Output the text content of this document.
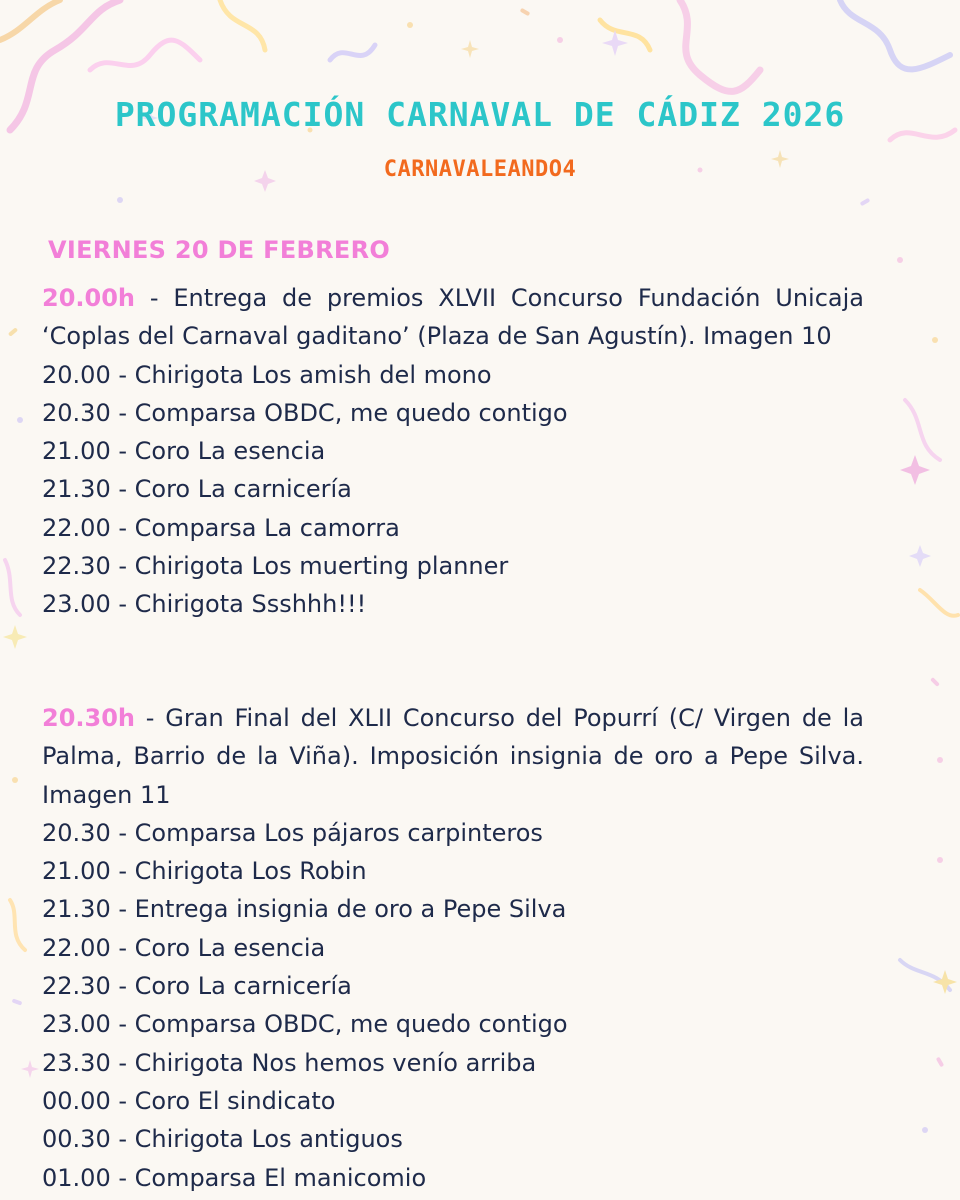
PROGRAMACIÓN CARNAVAL DE CÁDIZ 2026
CARNAVALEANDO4
VIERNES 20 DE FEBRERO

20.00h - Entrega de premios XLVII Concurso Fundación Unicaja ‘Coplas del Carnaval gaditano’ (Plaza de San Agustín). Imagen 10

20.00 - Chirigota Los amish del mono
20.30 - Comparsa OBDC, me quedo contigo
21.00 - Coro La esencia
21.30 - Coro La carnicería
22.00 - Comparsa La camorra
22.30 - Chirigota Los muerting planner
23.00 - Chirigota Ssshhh!!!

20.30h - Gran Final del XLII Concurso del Popurrí (C/ Virgen de la Palma, Barrio de la Viña). Imposición insignia de oro a Pepe Silva. Imagen 11

20.30 - Comparsa Los pájaros carpinteros
21.00 - Chirigota Los Robin
21.30 - Entrega insignia de oro a Pepe Silva
22.00 - Coro La esencia
22.30 - Coro La carnicería
23.00 - Comparsa OBDC, me quedo contigo
23.30 - Chirigota Nos hemos venío arriba
00.00 - Coro El sindicato
00.30 - Chirigota Los antiguos
01.00 - Comparsa El manicomio
